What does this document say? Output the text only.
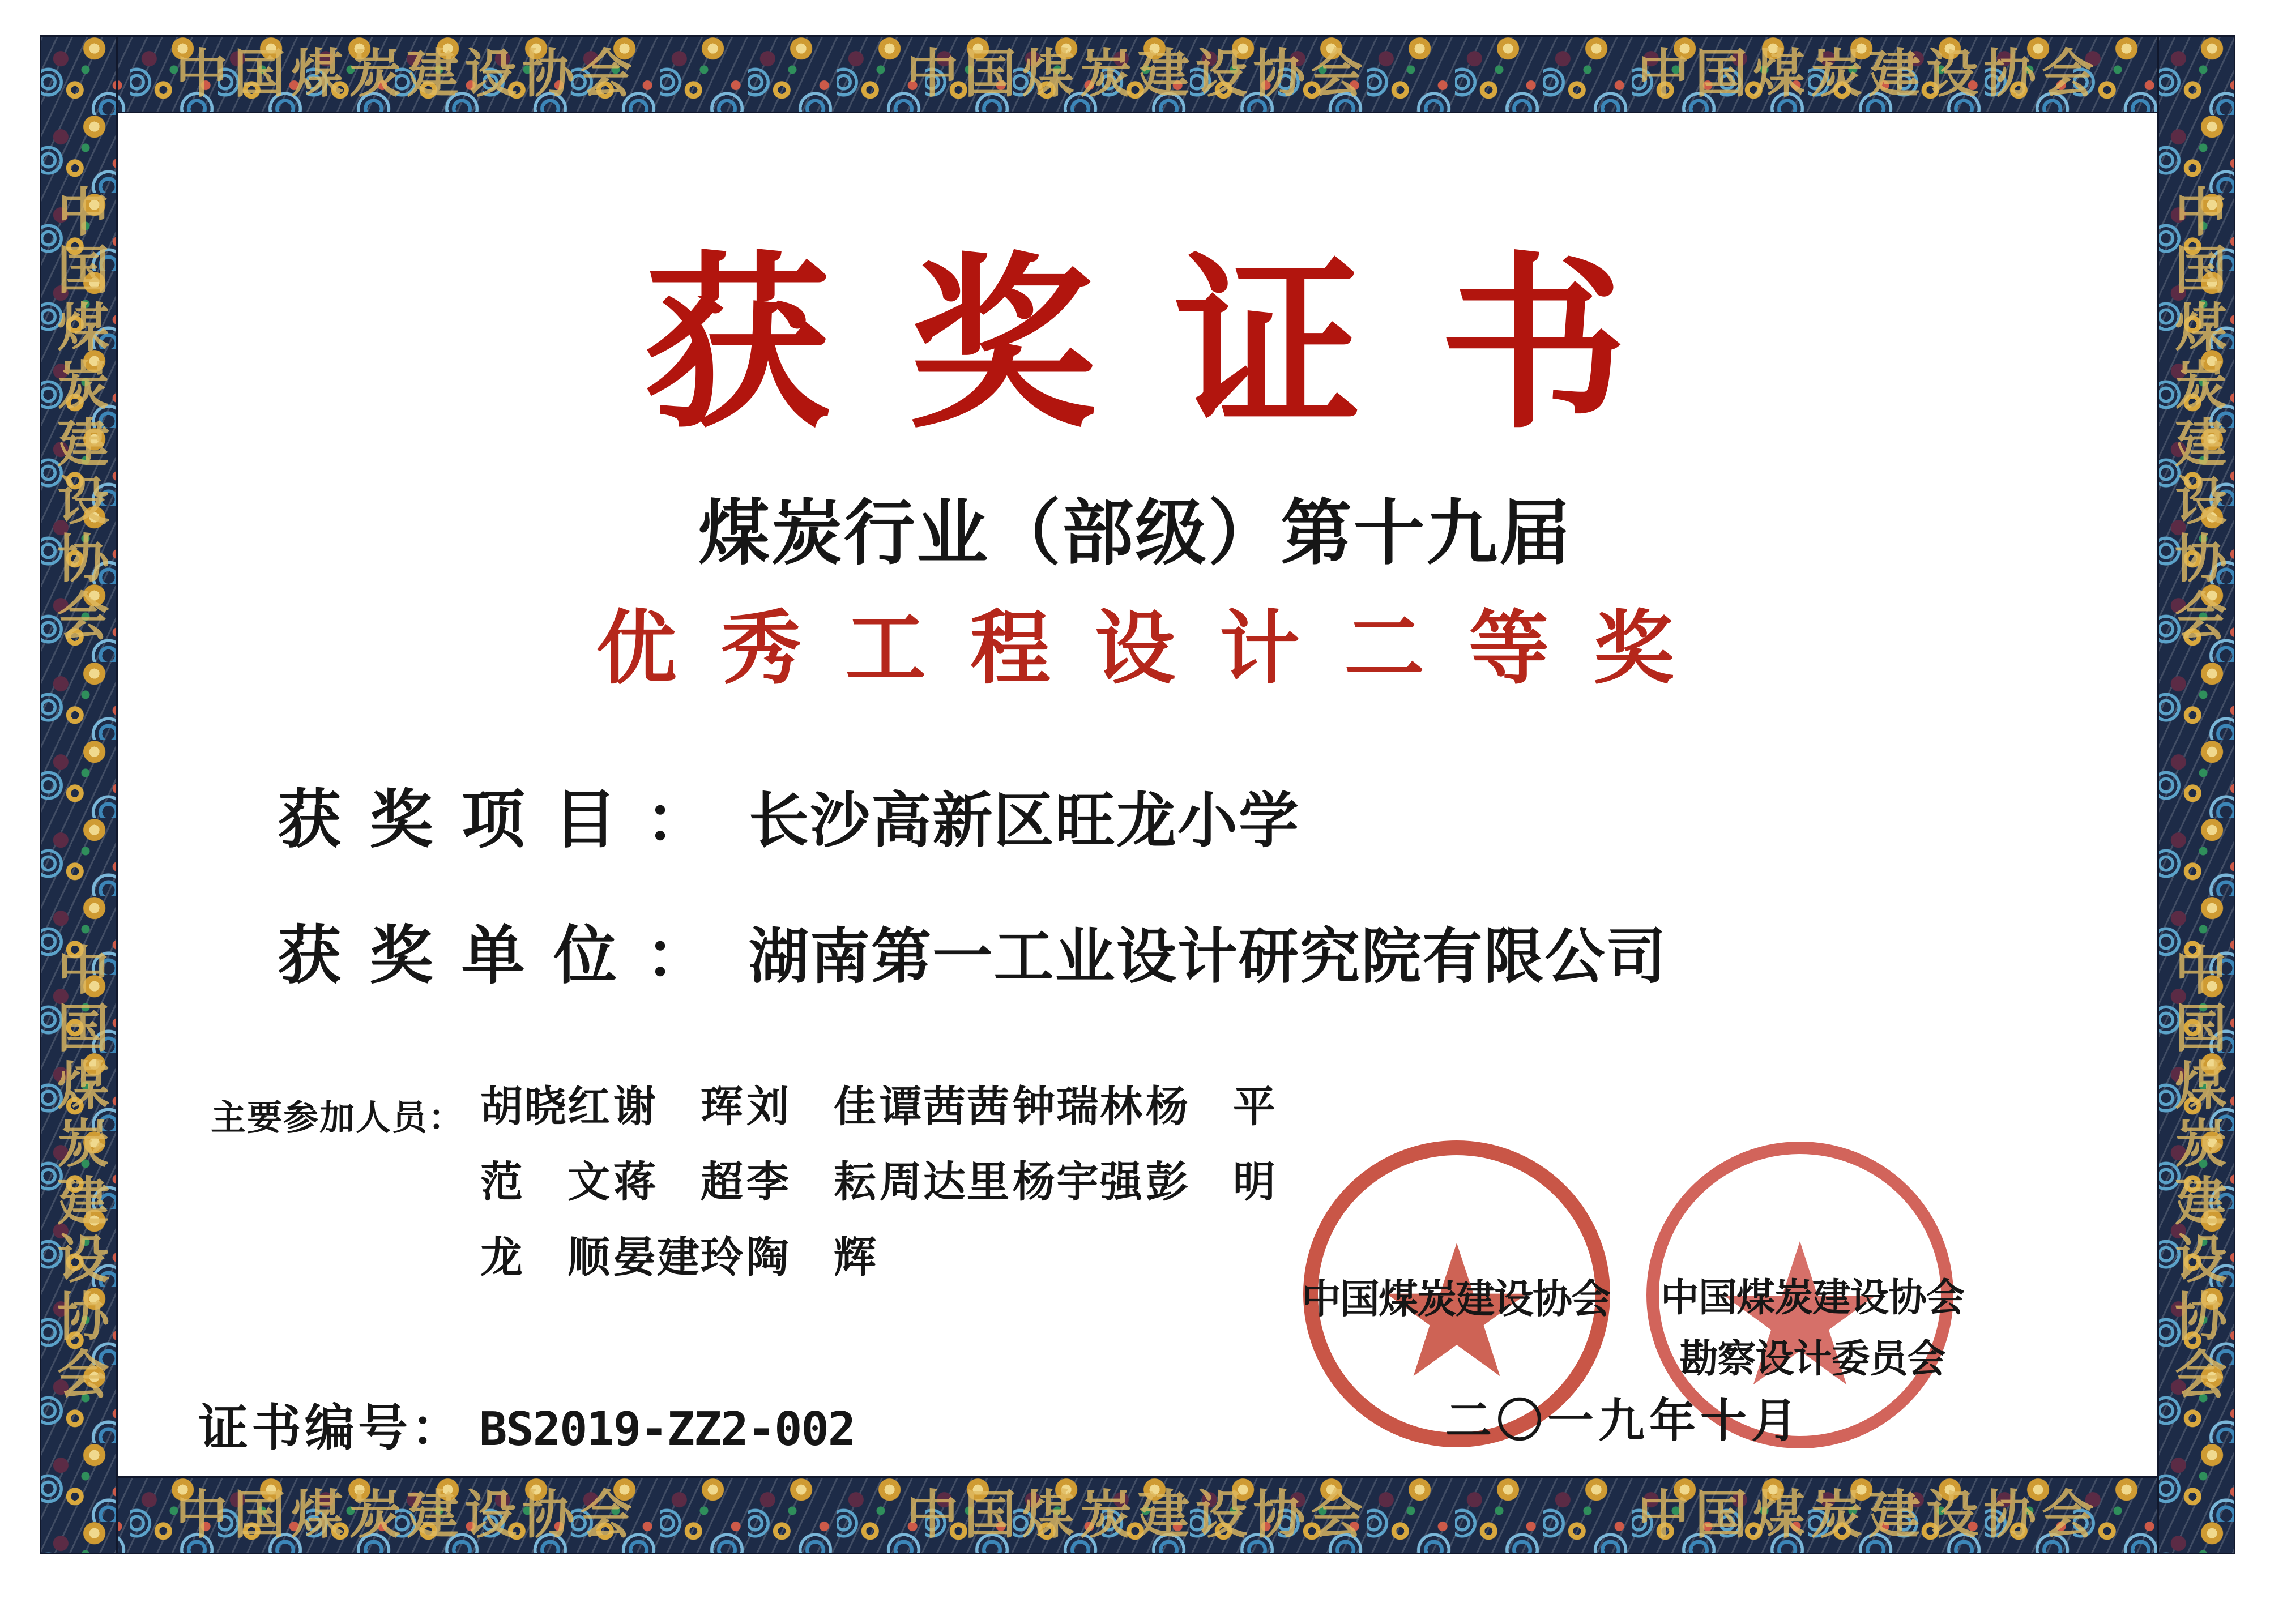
中国煤炭建设协会	中国煤炭建设协会	中国煤炭建设协会
中国煤炭建设协会	中国煤炭建设协会	中国煤炭建设协会
中国煤炭建设协会
中国煤炭建设协会
中国煤炭建设协会
中国煤炭建设协会
获奖证书
煤炭行业（部级）第十九届
优秀工程设计二等奖
获奖项目： 长沙高新区旺龙小学
获奖单位： 湖南第一工业设计研究院有限公司
主要参加人员： 胡晓红谢　珲刘　佳谭茜茜钟瑞林杨　平
范　文蒋　超李　耘周达里杨宇强彭　明
龙　顺晏建玲陶　辉
证书编号： BS2019-ZZ2-002
中国煤炭建设协会	中国煤炭建设协会
勘察设计委员会
二〇一九年十月
